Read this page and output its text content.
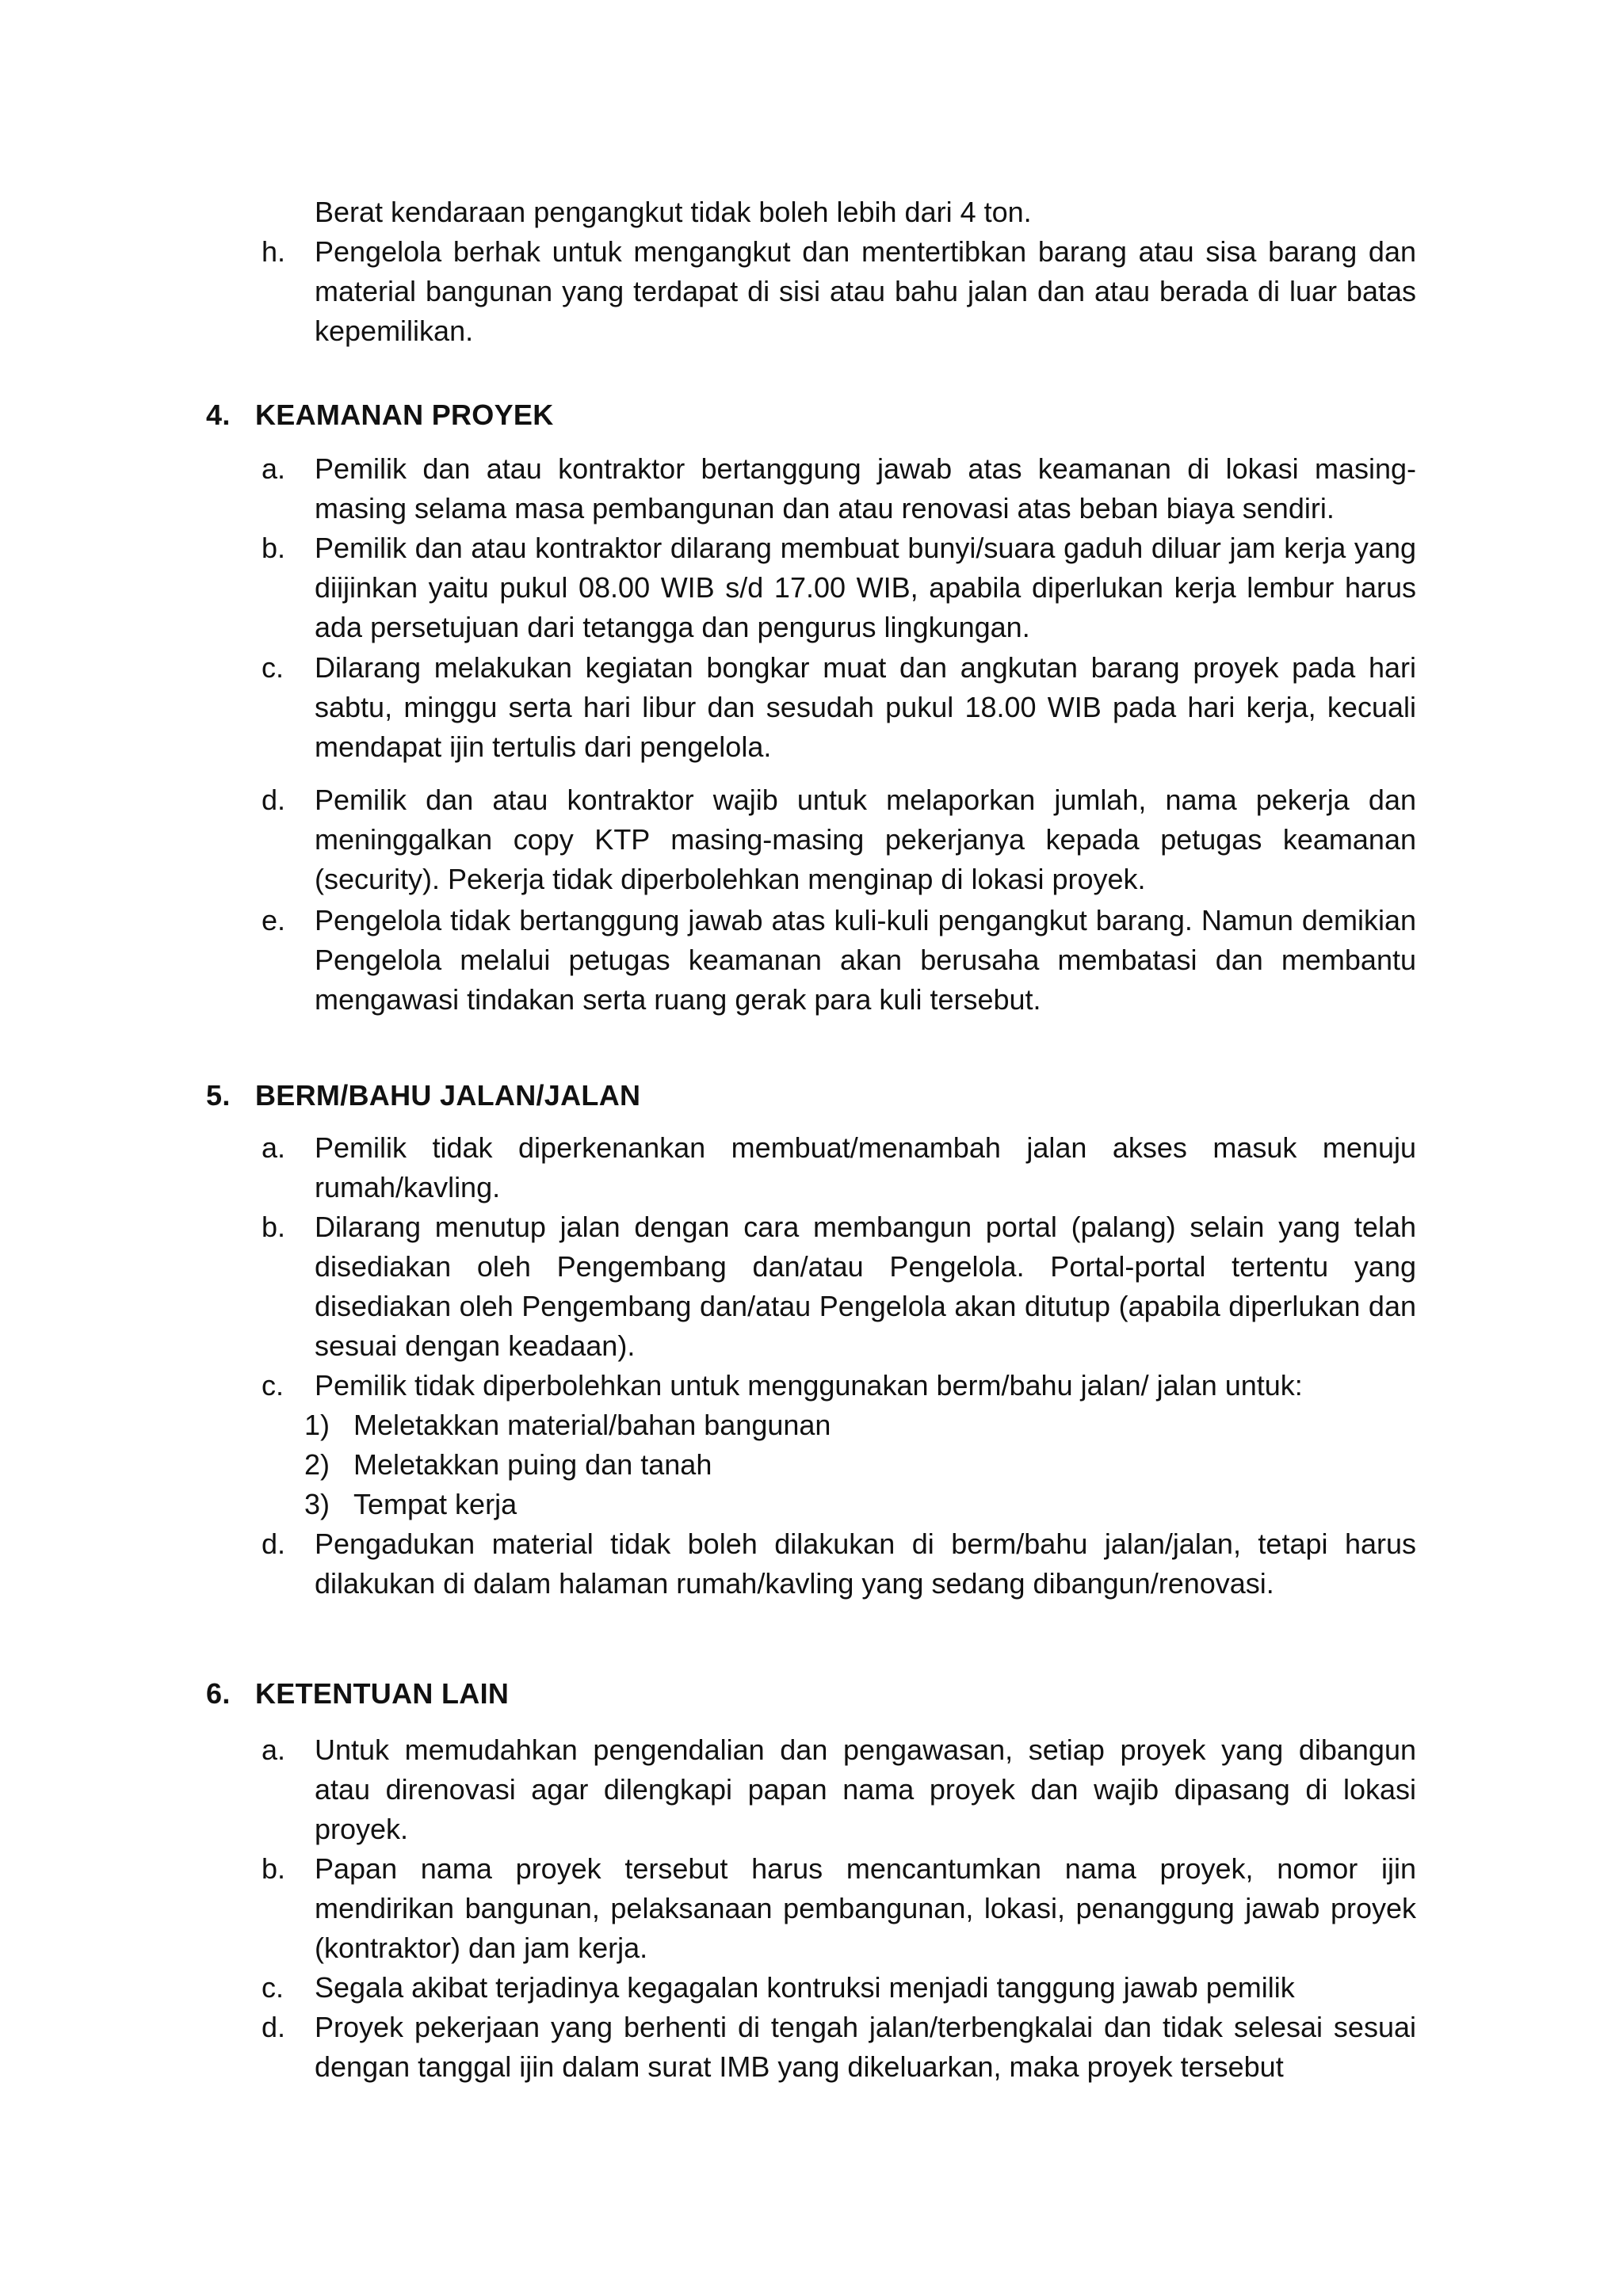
Berat kendaraan pengangkut tidak boleh lebih dari 4 ton.
h.	Pengelola berhak untuk mengangkut dan mentertibkan barang atau sisa barang dan material bangunan yang terdapat di sisi atau bahu jalan dan atau berada di luar batas kepemilikan.
4. KEAMANAN PROYEK
a.	Pemilik dan atau kontraktor bertanggung jawab atas keamanan di lokasi masing-masing selama masa pembangunan dan atau renovasi atas beban biaya sendiri.
b.	Pemilik dan atau kontraktor dilarang membuat bunyi/suara gaduh diluar jam kerja yang diijinkan yaitu pukul 08.00 WIB s/d 17.00 WIB, apabila diperlukan kerja lembur harus ada persetujuan dari tetangga dan pengurus lingkungan.
c.	Dilarang melakukan kegiatan bongkar muat dan angkutan barang proyek pada hari sabtu, minggu serta hari libur dan sesudah pukul 18.00 WIB pada hari kerja, kecuali mendapat ijin tertulis dari pengelola.
d.	Pemilik dan atau kontraktor wajib untuk melaporkan jumlah, nama pekerja dan meninggalkan copy KTP masing-masing pekerjanya kepada petugas keamanan (security). Pekerja tidak diperbolehkan menginap di lokasi proyek.
e.	Pengelola tidak bertanggung jawab atas kuli-kuli pengangkut barang. Namun demikian Pengelola melalui petugas keamanan akan berusaha membatasi dan membantu mengawasi tindakan serta ruang gerak para kuli tersebut.
5. BERM/BAHU JALAN/JALAN
a.	Pemilik tidak diperkenankan membuat/menambah jalan akses masuk menuju rumah/kavling.
b.	Dilarang menutup jalan dengan cara membangun portal (palang) selain yang telah disediakan oleh Pengembang dan/atau Pengelola. Portal-portal tertentu yang disediakan oleh Pengembang dan/atau Pengelola akan ditutup (apabila diperlukan dan sesuai dengan keadaan).
c.	Pemilik tidak diperbolehkan untuk menggunakan berm/bahu jalan/ jalan untuk:
1) Meletakkan material/bahan bangunan
2) Meletakkan puing dan tanah
3) Tempat kerja
d.	Pengadukan material tidak boleh dilakukan di berm/bahu jalan/jalan, tetapi harus dilakukan di dalam halaman rumah/kavling yang sedang dibangun/renovasi.
6. KETENTUAN LAIN
a.	Untuk memudahkan pengendalian dan pengawasan, setiap proyek yang dibangun atau direnovasi agar dilengkapi papan nama proyek dan wajib dipasang di lokasi proyek.
b.	Papan nama proyek tersebut harus mencantumkan nama proyek, nomor ijin mendirikan bangunan, pelaksanaan pembangunan, lokasi, penanggung jawab proyek (kontraktor) dan jam kerja.
c.	Segala akibat terjadinya kegagalan kontruksi menjadi tanggung jawab pemilik
d.	Proyek pekerjaan yang berhenti di tengah jalan/terbengkalai dan tidak selesai sesuai dengan tanggal ijin dalam surat IMB yang dikeluarkan, maka proyek tersebut
